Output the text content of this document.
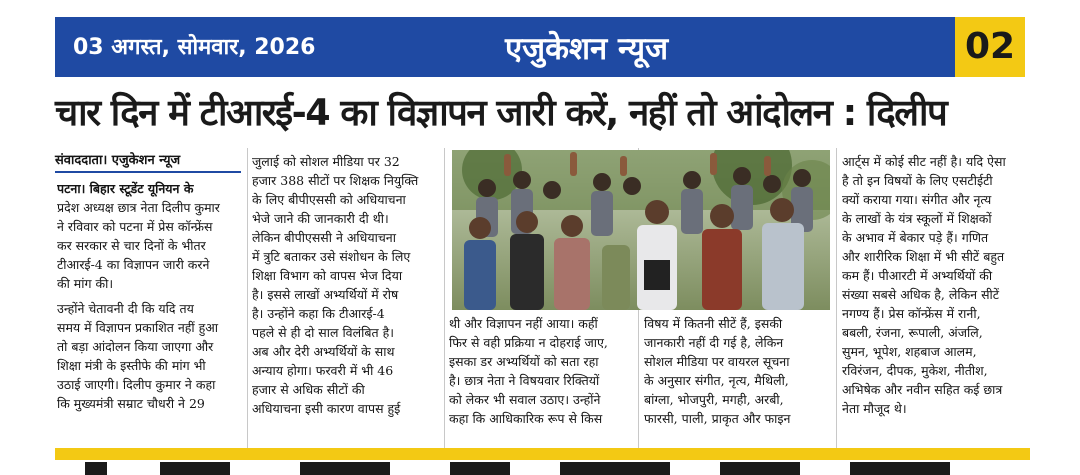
03 अगस्त, सोमवार, 2026	एजुकेशन न्यूज	02
चार दिन में टीआरई-4 का विज्ञापन जारी करें, नहीं तो आंदोलन : दिलीप
संवाददाता। एजुकेशन न्यूज

पटना। बिहार स्टूडेंट यूनियन के

प्रदेश अध्यक्ष छात्र नेता दिलीप कुमार

ने रविवार को पटना में प्रेस कॉन्फ्रेंस

कर सरकार से चार दिनों के भीतर

टीआरई-4 का विज्ञापन जारी करने

की मांग की।

उन्होंने चेतावनी दी कि यदि तय

समय में विज्ञापन प्रकाशित नहीं हुआ

तो बड़ा आंदोलन किया जाएगा और

शिक्षा मंत्री के इस्तीफे की मांग भी

उठाई जाएगी। दिलीप कुमार ने कहा

कि मुख्यमंत्री सम्राट चौधरी ने 29

जुलाई को सोशल मीडिया पर 32

हजार 388 सीटों पर शिक्षक नियुक्ति

के लिए बीपीएससी को अधियाचना

भेजे जाने की जानकारी दी थी।

लेकिन बीपीएससी ने अधियाचना

में त्रुटि बताकर उसे संशोधन के लिए

शिक्षा विभाग को वापस भेज दिया

है। इससे लाखों अभ्यर्थियों में रोष

है। उन्होंने कहा कि टीआरई-4

पहले से ही दो साल विलंबित है।

अब और देरी अभ्यर्थियों के साथ

अन्याय होगा। फरवरी में भी 46

हजार से अधिक सीटों की

अधियाचना इसी कारण वापस हुई

थी और विज्ञापन नहीं आया। कहीं

फिर से वही प्रक्रिया न दोहराई जाए,

इसका डर अभ्यर्थियों को सता रहा

है। छात्र नेता ने विषयवार रिक्तियों

को लेकर भी सवाल उठाए। उन्होंने

कहा कि आधिकारिक रूप से किस

विषय में कितनी सीटें हैं, इसकी

जानकारी नहीं दी गई है, लेकिन

सोशल मीडिया पर वायरल सूचना

के अनुसार संगीत, नृत्य, मैथिली,

बांग्ला, भोजपुरी, मगही, अरबी,

फारसी, पाली, प्राकृत और फाइन

आर्ट्स में कोई सीट नहीं है। यदि ऐसा

है तो इन विषयों के लिए एसटीईटी

क्यों कराया गया। संगीत और नृत्य

के लाखों के यंत्र स्कूलों में शिक्षकों

के अभाव में बेकार पड़े हैं। गणित

और शारीरिक शिक्षा में भी सीटें बहुत

कम हैं। पीआरटी में अभ्यर्थियों की

संख्या सबसे अधिक है, लेकिन सीटें

नगण्य हैं। प्रेस कॉन्फ्रेंस में रानी,

बबली, रंजना, रूपाली, अंजलि,

सुमन, भूपेश, शहबाज आलम,

रविरंजन, दीपक, मुकेश, नीतीश,

अभिषेक और नवीन सहित कई छात्र

नेता मौजूद थे।
